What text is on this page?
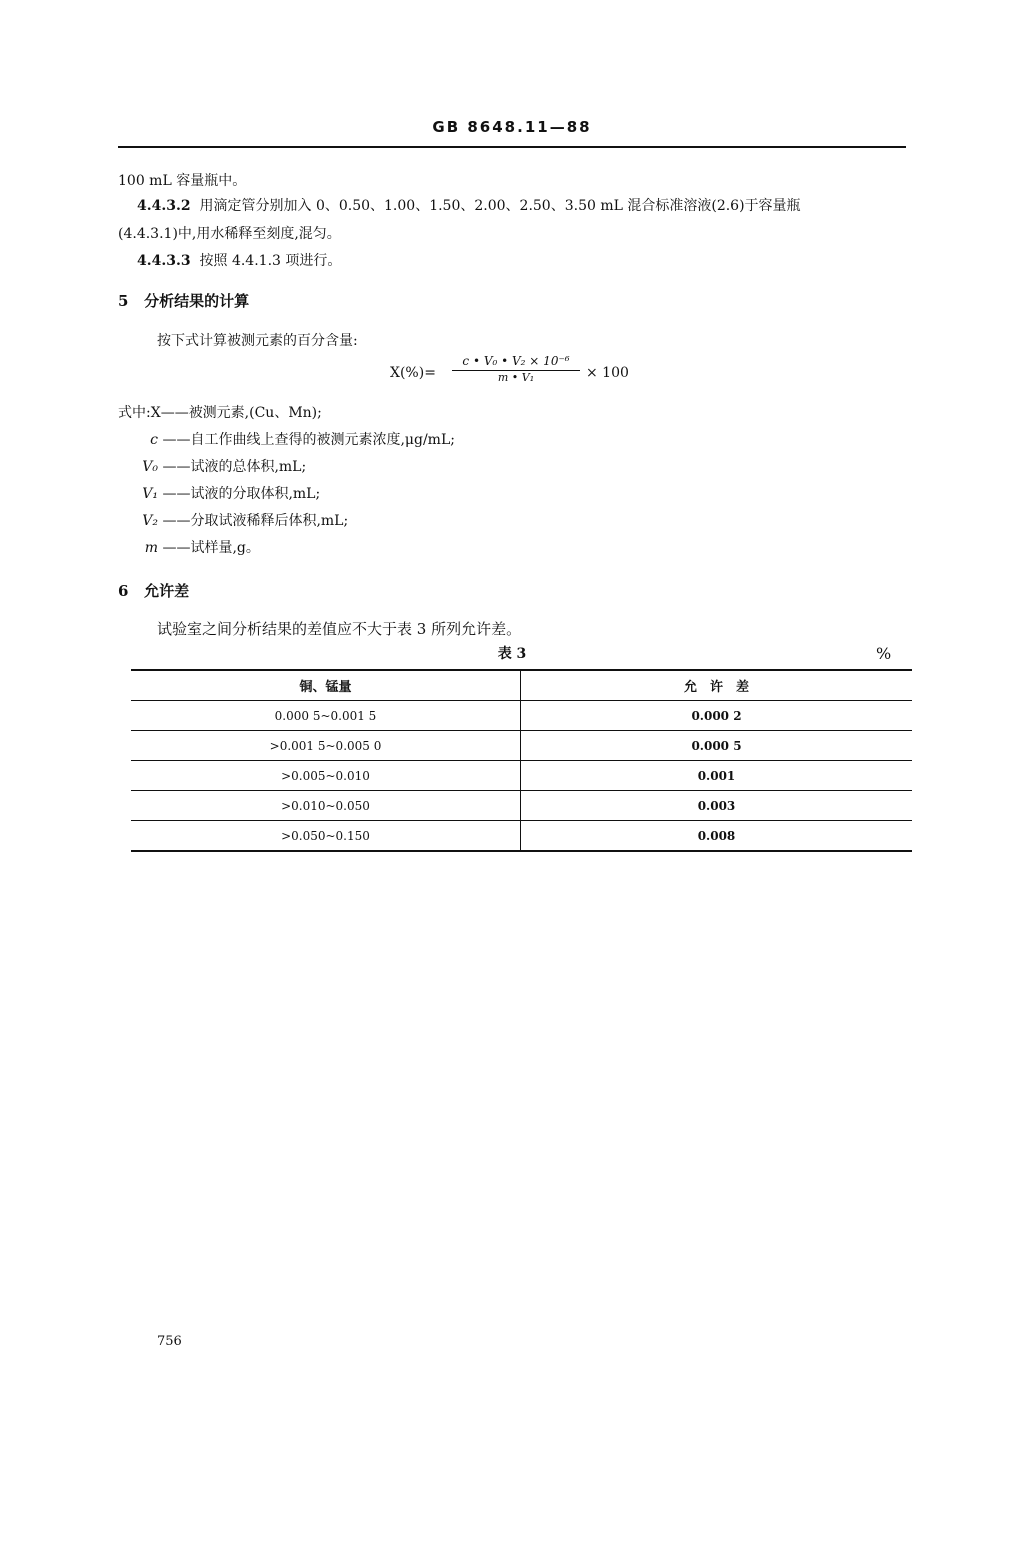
GB 8648.11—88
100 mL 容量瓶中。
4.4.3.2 用滴定管分别加入 0、0.50、1.00、1.50、2.00、2.50、3.50 mL 混合标准溶液(2.6)于容量瓶
(4.4.3.1)中,用水稀释至刻度,混匀。
4.4.3.3 按照 4.4.1.3 项进行。
5 分析结果的计算
按下式计算被测元素的百分含量:
$X(\%)= \frac{\text{c • V₀ • V₂ × 10⁻⁶}}{\text{m • V₁}} \times 100$
式中:X——被测元素,(Cu、Mn);
c ——自工作曲线上查得的被测元素浓度,μg/mL;
V₀ ——试液的总体积,mL;
V₁ ——试液的分取体积,mL;
V₂ ——分取试液稀释后体积,mL;
m ——试样量,g。
6 允许差
试验室之间分析结果的差值应不大于表 3 所列允许差。
表 3	%
铜、锰量	允　许　差
0.000 5~0.001 5	0.000 2
>0.001 5~0.005 0	0.000 5
>0.005~0.010	0.001
>0.010~0.050	0.003
>0.050~0.150	0.008
756
